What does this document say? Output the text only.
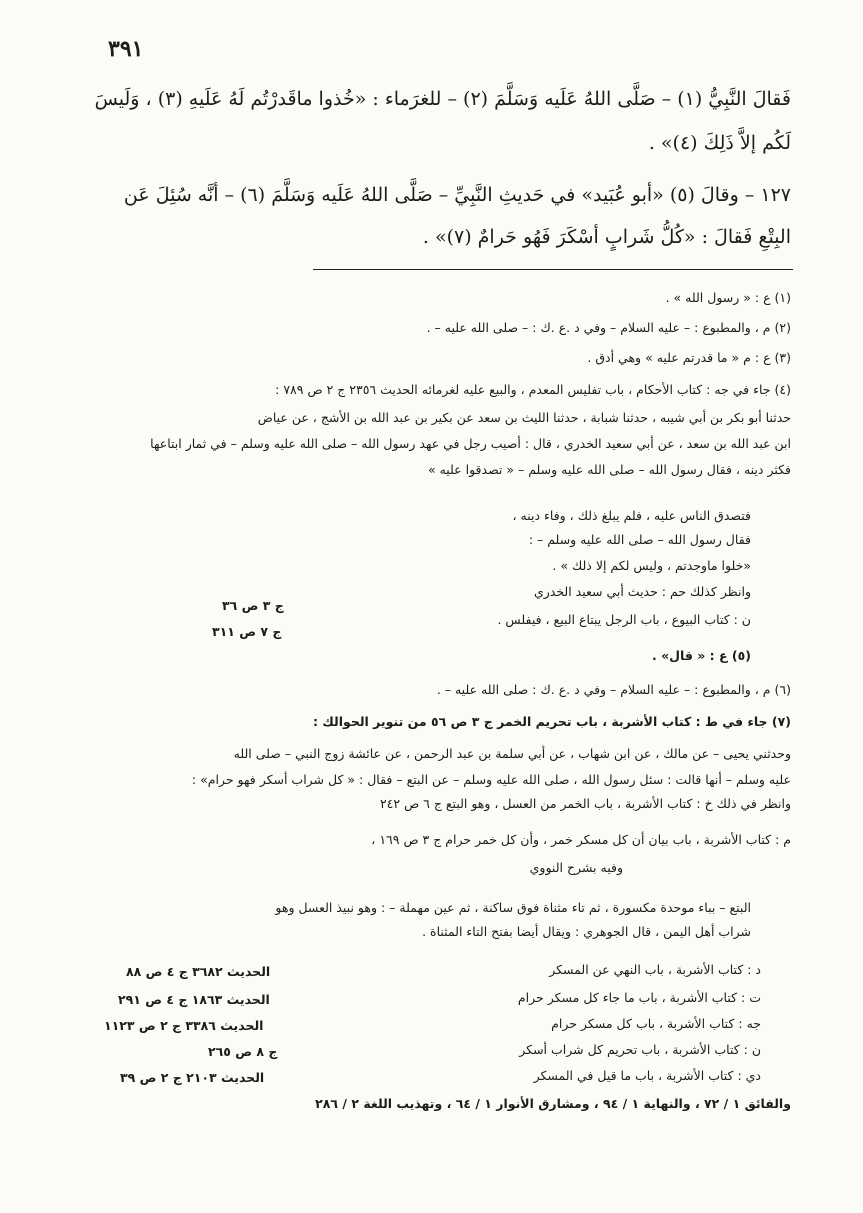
٣٩١
فَقالَ النَّبِيُّ (١) – صَلَّى اللهُ عَلَيه وَسَلَّمَ (٢) – للغرَماء : «خُذوا ماقَدرْتُم لَهُ عَلَيهِ (٣) ، وَلَيسَ
لَكُم إلاَّ ذَلِكَ (٤)» .
١٢٧ – وقالَ (٥) «أبو عُبَيد» في حَديثِ النَّبِيِّ – صَلَّى اللهُ عَلَيه وَسَلَّمَ (٦) – أنَّه سُئِلَ عَن
البِتْعِ فَقالَ : «كُلُّ شَرابٍ أسْكَرَ فَهُو حَرامٌ (٧)» .
(١) ع : « رسول الله » .
(٢) م ، والمطبوع : – عليه السلام – وفي د .ع .ك : – صلى الله عليه – .
(٣) ع : م « ما قدرتم عليه » وهي أدق .
(٤) جاء في جه : كتاب الأحكام ، باب تفليس المعدم ، والبيع عليه لغرمائه الحديث ٢٣٥٦ ج ٢ ص ٧٨٩ :
حدثنا أبو بكر بن أبي شيبه ، حدثنا شبابة ، حدثنا الليث بن سعد عن بكير بن عبد الله بن الأشج ، عن عياض
ابن عبد الله بن سعد ، عن أبي سعيد الخدري ، قال : أصيب رجل في عهد رسول الله – صلى الله عليه وسلم – في ثمار ابتاعها
فكثر دينه ، فقال رسول الله – صلى الله عليه وسلم – « تصدقوا عليه »
فتصدق الناس عليه ، فلم يبلغ ذلك ، وفاء دينه ،
فقال رسول الله – صلى الله عليه وسلم – :
«خلوا ماوجدتم ، وليس لكم إلا ذلك » .
وانظر كذلك حم : حديث أبي سعيد الخدري
ن : كتاب البيوع ، باب الرجل يبتاع البيع ، فيفلس .
(٥) ع : « قال» .
(٦) م ، والمطبوع : – عليه السلام – وفي د .ع .ك : صلى الله عليه – .
(٧) جاء في ط : كتاب الأشربة ، باب تحريم الخمر ج ٣ ص ٥٦ من تنوير الحوالك :
وحدثني يحيى – عن مالك ، عن ابن شهاب ، عن أبي سلمة بن عبد الرحمن ، عن عائشة زوج النبي – صلى الله
عليه وسلم – أنها قالت : سئل رسول الله ، صلى الله عليه وسلم – عن البتع – فقال : « كل شراب أسكر فهو حرام» :
وانظر في ذلك خ : كتاب الأشربة ، باب الخمر من العسل ، وهو البتع ج ٦ ص ٢٤٢
م : كتاب الأشربة ، باب بيان أن كل مسكر خمر ، وأن كل خمر حرام ج ٣ ص ١٦٩ ،
وفيه بشرح النووي
البتع – بباء موحدة مكسورة ، ثم تاء مثناة فوق ساكنة ، ثم عين مهملة – : وهو نبيذ العسل وهو
شراب أهل اليمن ، قال الجوهري : ويقال أيضا بفتح التاء المثناة .
د : كتاب الأشربة ، باب النهي عن المسكر
ت : كتاب الأشربة ، باب ما جاء كل مسكر حرام
جه : كتاب الأشربة ، باب كل مسكر حرام
ن : كتاب الأشربة ، باب تحريم كل شراب أسكر
دي : كتاب الأشربة ، باب ما قيل في المسكر
والفائق ١ / ٧٢ ، والنهاية ١ / ٩٤ ، ومشارق الأنوار ١ / ٦٤ ، وتهذيب اللغة ٢ / ٢٨٦
ج ٣ ص ٣٦
ج ٧ ص ٣١١
الحديث ٣٦٨٢ ج ٤ ص ٨٨
الحديث ١٨٦٣ ج ٤ ص ٢٩١
الحديث ٣٣٨٦ ج ٢ ص ١١٢٣
ج ٨ ص ٢٦٥
الحديث ٢١٠٣ ج ٢ ص ٣٩
